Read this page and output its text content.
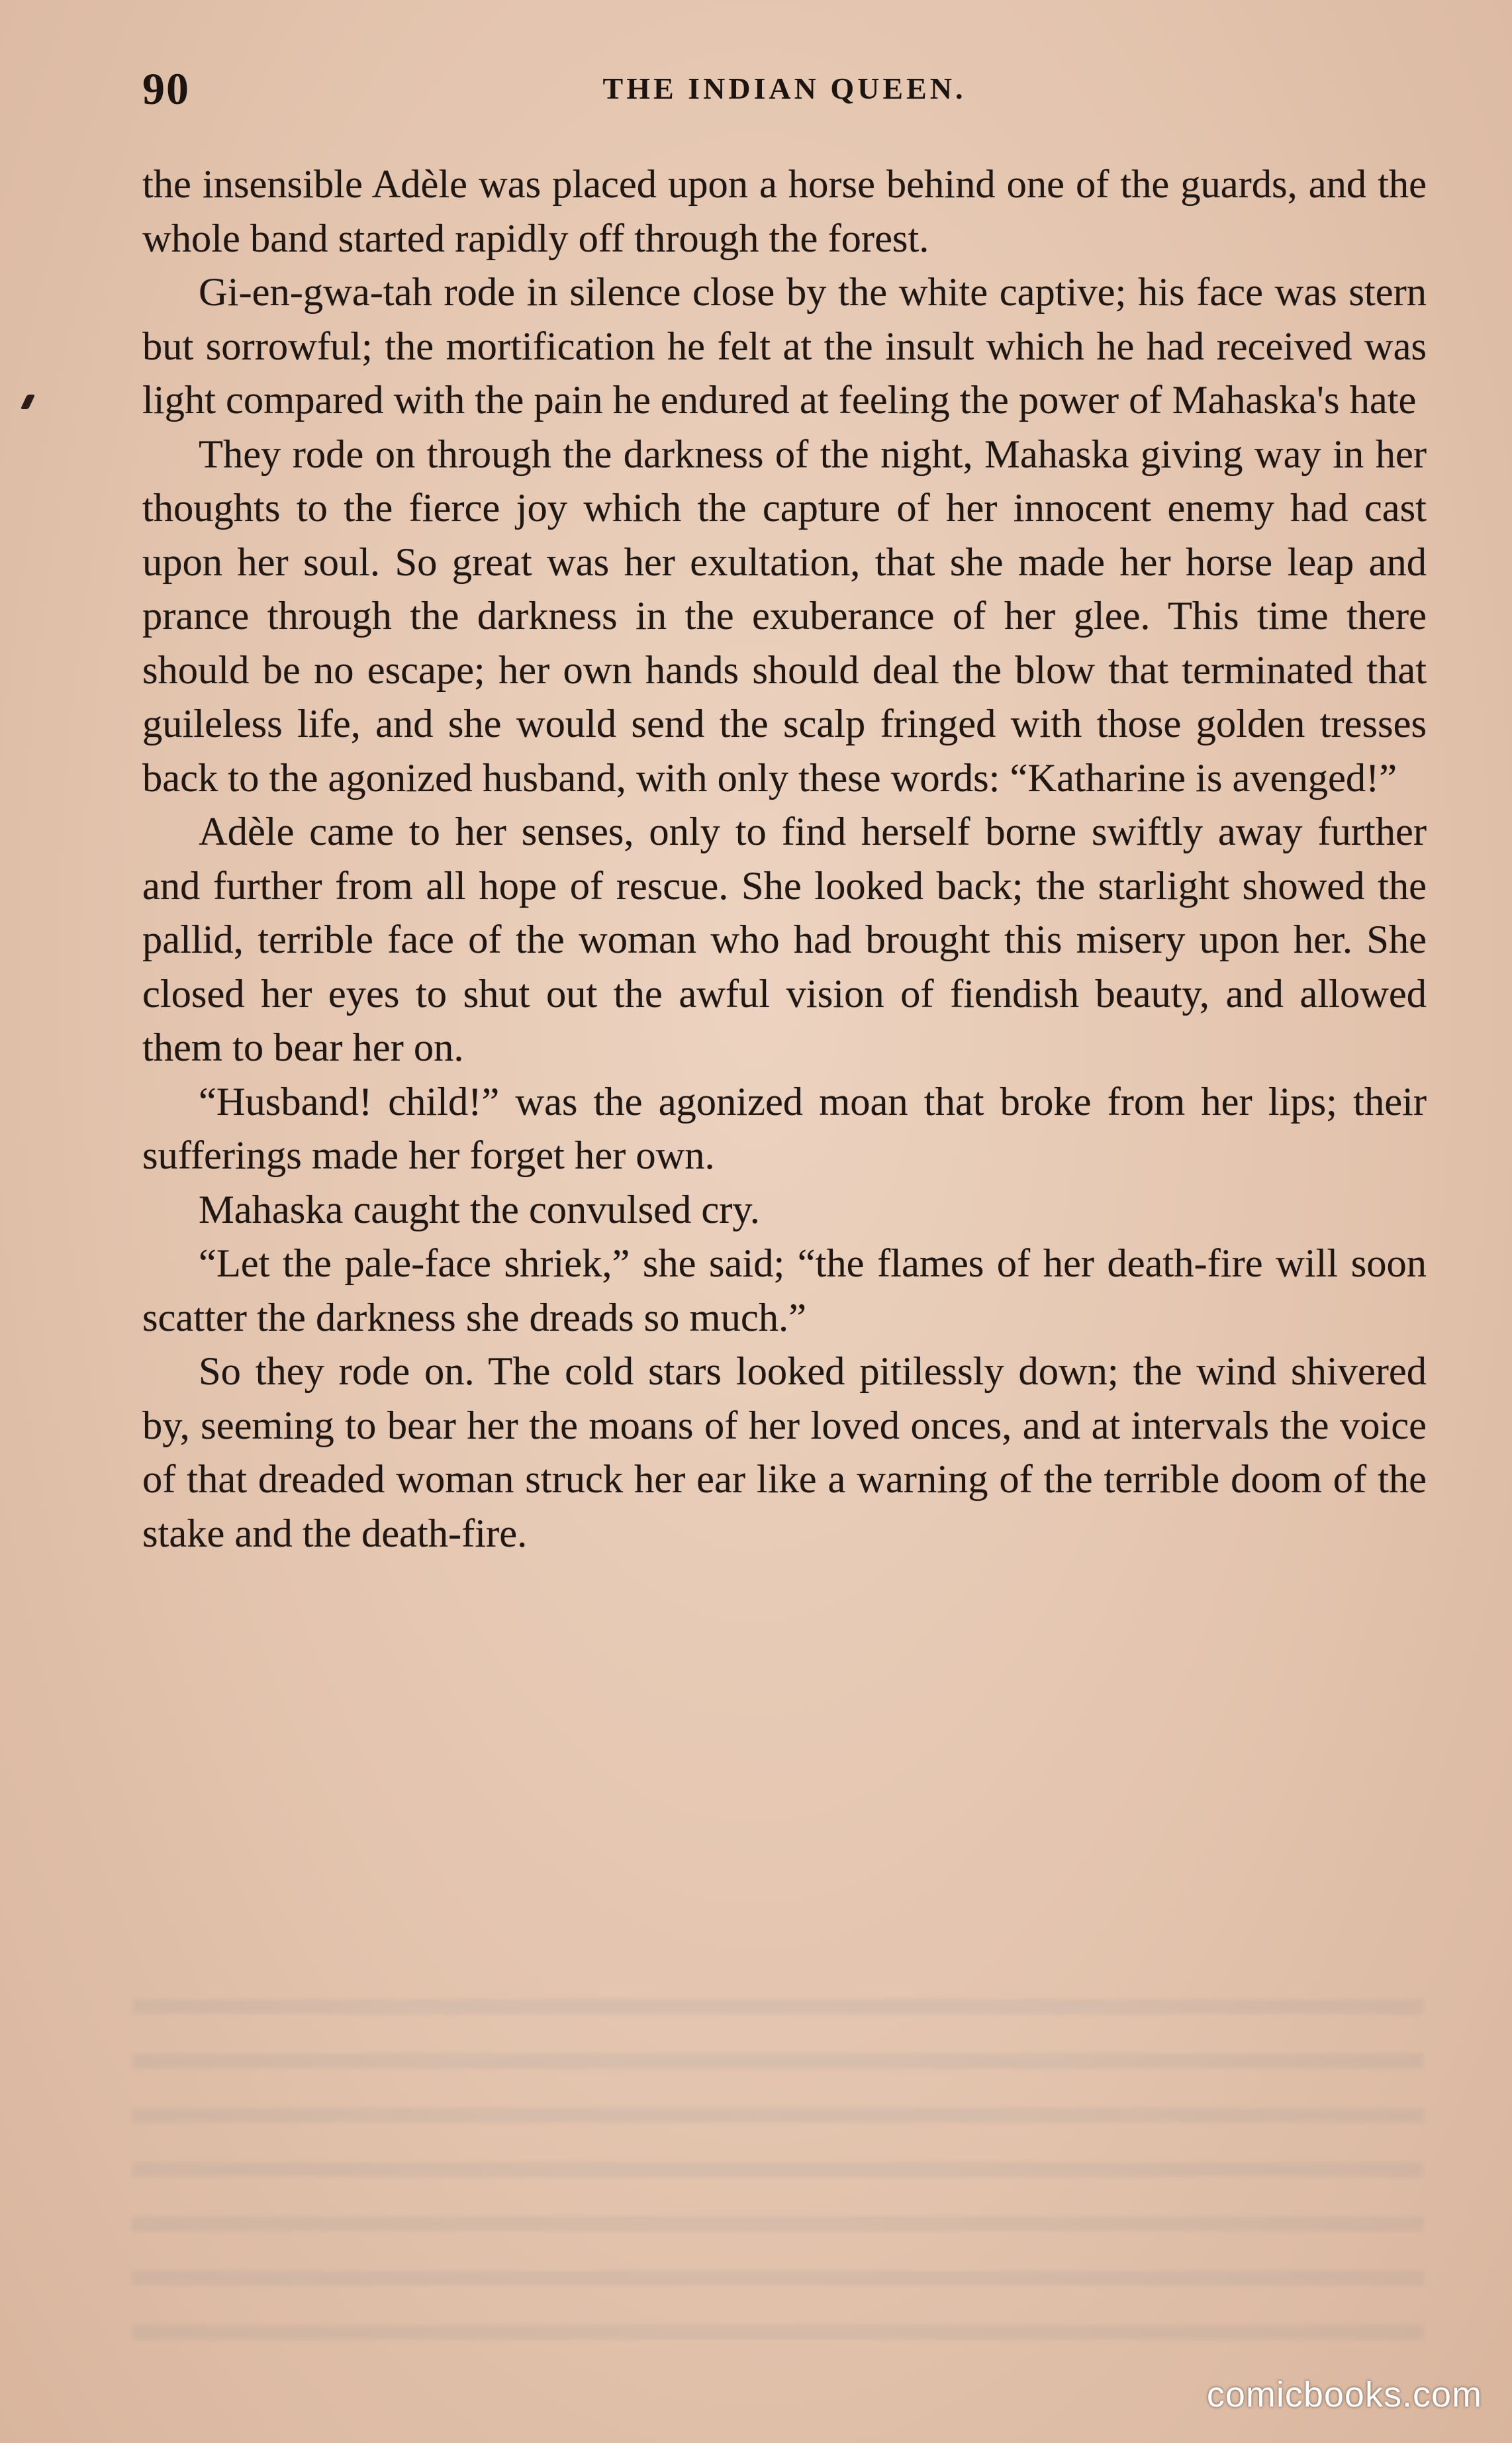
90	THE INDIAN QUEEN.

the insensible Adèle was placed upon a horse behind one of the guards, and the whole band started rapidly off through the forest.

Gi-en-gwa-tah rode in silence close by the white captive; his face was stern but sorrowful; the mortification he felt at the insult which he had received was light compared with the pain he endured at feeling the power of Mahaska's hate

They rode on through the darkness of the night, Mahaska giving way in her thoughts to the fierce joy which the capture of her innocent enemy had cast upon her soul. So great was her exultation, that she made her horse leap and prance through the darkness in the exuberance of her glee. This time there should be no escape; her own hands should deal the blow that terminated that guileless life, and she would send the scalp fringed with those golden tresses back to the agonized husband, with only these words: “Katharine is avenged!”

Adèle came to her senses, only to find herself borne swiftly away further and further from all hope of rescue. She looked back; the starlight showed the pallid, terrible face of the woman who had brought this misery upon her. She closed her eyes to shut out the awful vision of fiendish beauty, and allowed them to bear her on.

“Husband! child!” was the agonized moan that broke from her lips; their sufferings made her forget her own.

Mahaska caught the convulsed cry.

“Let the pale-face shriek,” she said; “the flames of her death-fire will soon scatter the darkness she dreads so much.”

So they rode on. The cold stars looked pitilessly down; the wind shivered by, seeming to bear her the moans of her loved onces, and at intervals the voice of that dreaded woman struck her ear like a warning of the terrible doom of the stake and the death-fire.

comicbooks.com
